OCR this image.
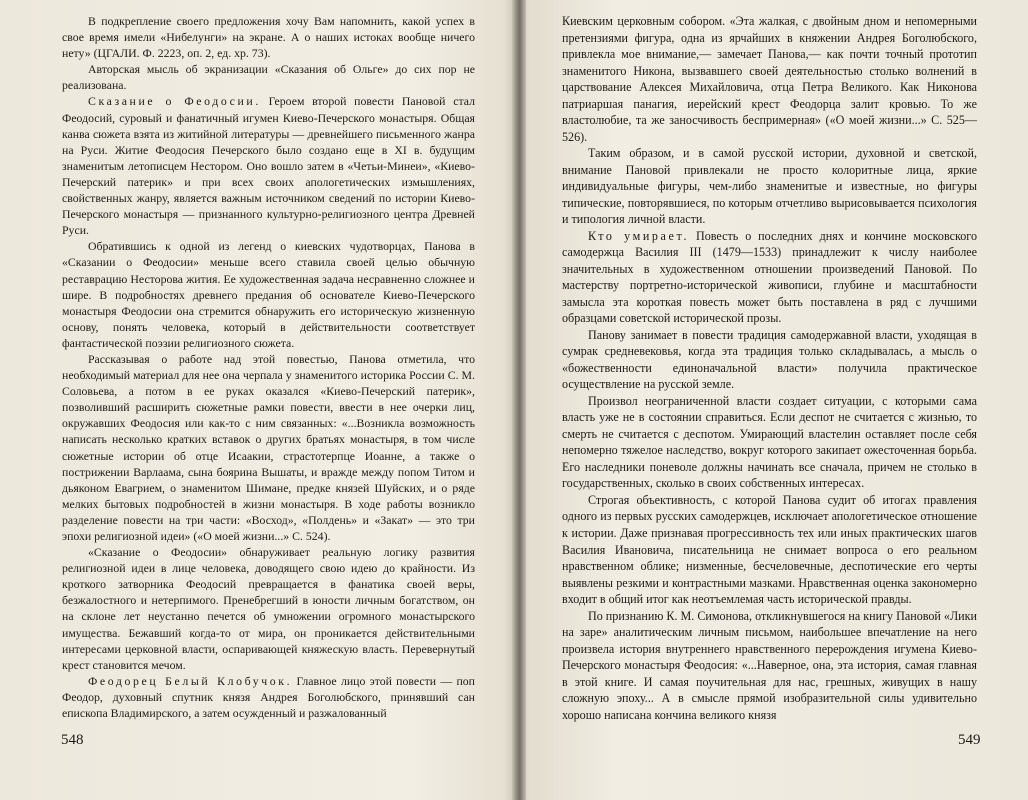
В подкрепление своего предложения хочу Вам напомнить, какой успех в свое время имели «Нибелунги» на экране. А о наших истоках вообще ничего нету» (ЦГАЛИ. Ф. 2223, оп. 2, ед. хр. 73).

Авторская мысль об экранизации «Сказания об Ольге» до сих пор не реализована.

Сказание о Феодосии. Героем второй повести Пановой стал Феодосий, суровый и фанатичный игумен Киево-Печерского монастыря. Общая канва сюжета взята из житийной литературы — древнейшего письменного жанра на Руси. Житие Феодосия Печерского было создано еще в XI в. будущим знаменитым летописцем Нестором. Оно вошло затем в «Четьи-Минеи», «Киево-Печерский патерик» и при всех своих апологетических измышлениях, свойственных жанру, является важным источником сведений по истории Киево-Печерского монастыря — признанного культурно-религиозного центра Древней Руси.

Обратившись к одной из легенд о киевских чудотворцах, Панова в «Сказании о Феодосии» меньше всего ставила своей целью обычную реставрацию Несторова жития. Ее художественная задача несравненно сложнее и шире. В подробностях древнего предания об основателе Киево-Печерского монастыря Феодосии она стремится обнаружить его историческую жизненную основу, понять человека, который в действительности соответствует фантастической поэзии религиозного сюжета.

Рассказывая о работе над этой повестью, Панова отметила, что необходимый материал для нее она черпала у знаменитого историка России С. М. Соловьева, а потом в ее руках оказался «Киево-Печерский патерик», позволивший расширить сюжетные рамки повести, ввести в нее очерки лиц, окружавших Феодосия или как-то с ним связанных: «...Возникла возможность написать несколько кратких вставок о других братьях монастыря, в том числе сюжетные истории об отце Исаакии, страстотерпце Иоанне, а также о пострижении Варлаама, сына боярина Вышаты, и вражде между попом Титом и дьяконом Евагрием, о знаменитом Шимане, предке князей Шуйских, и о ряде мелких бытовых подробностей в жизни монастыря. В ходе работы возникло разделение повести на три части: «Восход», «Полдень» и «Закат» — это три эпохи религиозной идеи» («О моей жизни...» С. 524).

«Сказание о Феодосии» обнаруживает реальную логику развития религиозной идеи в лице человека, доводящего свою идею до крайности. Из кроткого затворника Феодосий превращается в фанатика своей веры, безжалостного и нетерпимого. Пренебрегший в юности личным богатством, он на склоне лет неустанно печется об умножении огромного монастырского имущества. Бежавший когда-то от мира, он проникается действительными интересами церковной власти, оспаривающей княжескую власть. Перевернутый крест становится мечом.

Феодорец Белый Клобучок. Главное лицо этой повести — поп Феодор, духовный спутник князя Андрея Боголюбского, принявший сан епископа Владимирского, а затем осужденный и разжалованный

Киевским церковным собором. «Эта жалкая, с двойным дном и непомерными претензиями фигура, одна из ярчайших в княжении Андрея Боголюбского, привлекла мое внимание,— замечает Панова,— как почти точный прототип знаменитого Никона, вызвавшего своей деятельностью столько волнений в царствование Алексея Михайловича, отца Петра Великого. Как Никонова патриаршая панагия, иерейский крест Феодорца залит кровью. То же властолюбие, та же заносчивость беспримерная» («О моей жизни...» С. 525—526).

Таким образом, и в самой русской истории, духовной и светской, внимание Пановой привлекали не просто колоритные лица, яркие индивидуальные фигуры, чем-либо знаменитые и известные, но фигуры типические, повторявшиеся, по которым отчетливо вырисовывается психология и типология личной власти.

Кто умирает. Повесть о последних днях и кончине московского самодержца Василия III (1479—1533) принадлежит к числу наиболее значительных в художественном отношении произведений Пановой. По мастерству портретно-исторической живописи, глубине и масштабности замысла эта короткая повесть может быть поставлена в ряд с лучшими образцами советской исторической прозы.

Панову занимает в повести традиция самодержавной власти, уходящая в сумрак средневековья, когда эта традиция только складывалась, а мысль о «божественности единоначальной власти» получила практическое осуществление на русской земле.

Произвол неограниченной власти создает ситуации, с которыми сама власть уже не в состоянии справиться. Если деспот не считается с жизнью, то смерть не считается с деспотом. Умирающий властелин оставляет после себя непомерно тяжелое наследство, вокруг которого закипает ожесточенная борьба. Его наследники поневоле должны начинать все сначала, причем не столько в государственных, сколько в своих собственных интересах.

Строгая объективность, с которой Панова судит об итогах правления одного из первых русских самодержцев, исключает апологетическое отношение к истории. Даже признавая прогрессивность тех или иных практических шагов Василия Ивановича, писательница не снимает вопроса о его реальном нравственном облике; низменные, бесчеловечные, деспотические его черты выявлены резкими и контрастными мазками. Нравственная оценка закономерно входит в общий итог как неотъемлемая часть исторической правды.

По признанию К. М. Симонова, откликнувшегося на книгу Пановой «Лики на заре» аналитическим личным письмом, наибольшее впечатление на него произвела история внутреннего нравственного перерождения игумена Киево-Печерского монастыря Феодосия: «...Наверное, она, эта история, самая главная в этой книге. И самая поучительная для нас, грешных, живущих в нашу сложную эпоху... А в смысле прямой изобразительной силы удивительно хорошо написана кончина великого князя

548	549
